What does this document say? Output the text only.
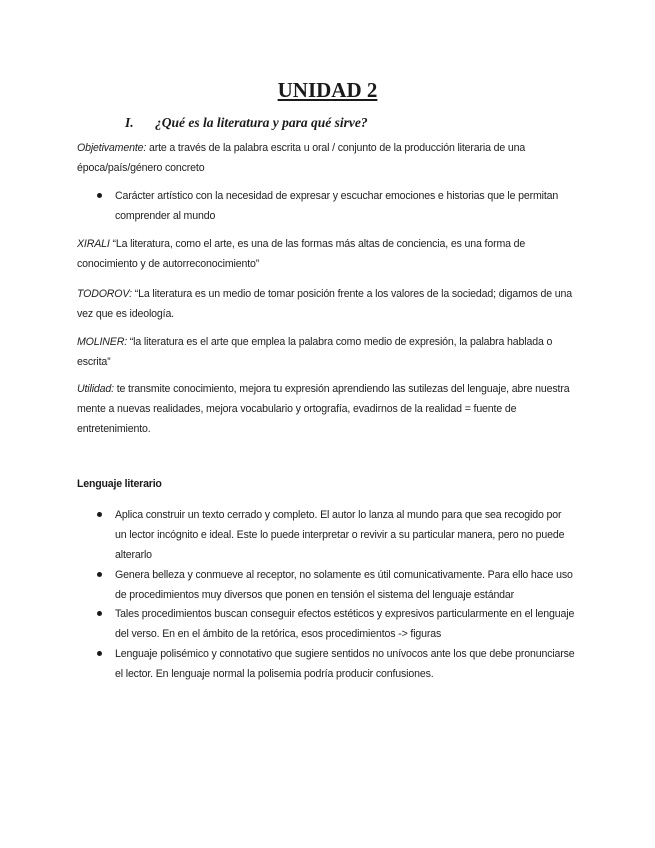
UNIDAD 2

I. ¿Qué es la literatura y para qué sirve?

Objetivamente: arte a través de la palabra escrita u oral / conjunto de la producción literaria de una época/país/género concreto

Carácter artístico con la necesidad de expresar y escuchar emociones e historias que le permitan comprender al mundo

XIRALI “La literatura, como el arte, es una de las formas más altas de conciencia, es una forma de conocimiento y de autorreconocimiento”

TODOROV: “La literatura es un medio de tomar posición frente a los valores de la sociedad; digamos de una vez que es ideología.

MOLINER: “la literatura es el arte que emplea la palabra como medio de expresión, la palabra hablada o escrita”

Utilidad: te transmite conocimiento, mejora tu expresión aprendiendo las sutilezas del lenguaje, abre nuestra mente a nuevas realidades, mejora vocabulario y ortografía, evadirnos de la realidad = fuente de entretenimiento.

Lenguaje literario

Aplica construir un texto cerrado y completo. El autor lo lanza al mundo para que sea recogido por un lector incógnito e ideal. Este lo puede interpretar o revivir a su particular manera, pero no puede alterarlo

Genera belleza y conmueve al receptor, no solamente es útil comunicativamente. Para ello hace uso de procedimientos muy diversos que ponen en tensión el sistema del lenguaje estándar

Tales procedimientos buscan conseguir efectos estéticos y expresivos particularmente en el lenguaje del verso. En en el ámbito de la retórica, esos procedimientos -> figuras

Lenguaje polisémico y connotativo que sugiere sentidos no unívocos ante los que debe pronunciarse el lector. En lenguaje normal la polisemia podría producir confusiones.
